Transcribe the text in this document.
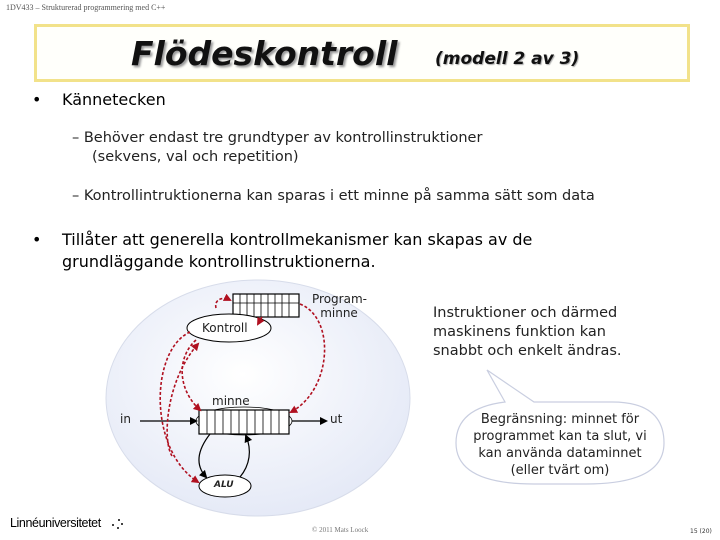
1DV433 – Strukturerad programmering med C++
Flödeskontroll (modell 2 av 3)
• Kännetecken
– Behöver endast tre grundtyper av kontrollinstruktioner
(sekvens, val och repetition)
– Kontrollintruktionerna kan sparas i ett minne på samma sätt som data
• Tillåter att generella kontrollmekanismer kan skapas av de
grundläggande kontrollinstruktionerna.
Program-
minne
Kontroll
minne
in	ut
ALU
Instruktioner och därmed
maskinens funktion kan
snabbt och enkelt ändras.
Begränsning: minnet för
programmet kan ta slut, vi
kan använda dataminnet
(eller tvärt om)
Linnéuniversitetet	© 2011 Mats Loock	15 (20)
